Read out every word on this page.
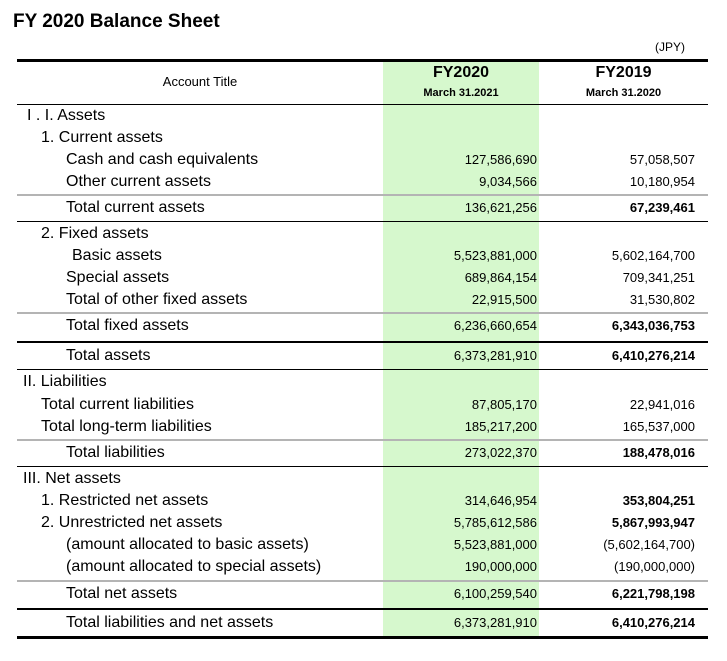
FY 2020 Balance Sheet
(JPY)
Account Title
FY2020
March 31.2021
FY2019
March 31.2020
I . I. Assets
1. Current assets
Cash and cash equivalents	127,586,690	57,058,507
Other current assets	9,034,566	10,180,954
Total current assets	136,621,256	67,239,461
2. Fixed assets
Basic assets	5,523,881,000	5,602,164,700
Special assets	689,864,154	709,341,251
Total of other fixed assets	22,915,500	31,530,802
Total fixed assets	6,236,660,654	6,343,036,753
Total assets	6,373,281,910	6,410,276,214
II. Liabilities
Total current liabilities	87,805,170	22,941,016
Total long-term liabilities	185,217,200	165,537,000
Total liabilities	273,022,370	188,478,016
III. Net assets
1. Restricted net assets	314,646,954	353,804,251
2. Unrestricted net assets	5,785,612,586	5,867,993,947
(amount allocated to basic assets)	5,523,881,000	(5,602,164,700)
(amount allocated to special assets)	190,000,000	(190,000,000)
Total net assets	6,100,259,540	6,221,798,198
Total liabilities and net assets	6,373,281,910	6,410,276,214
